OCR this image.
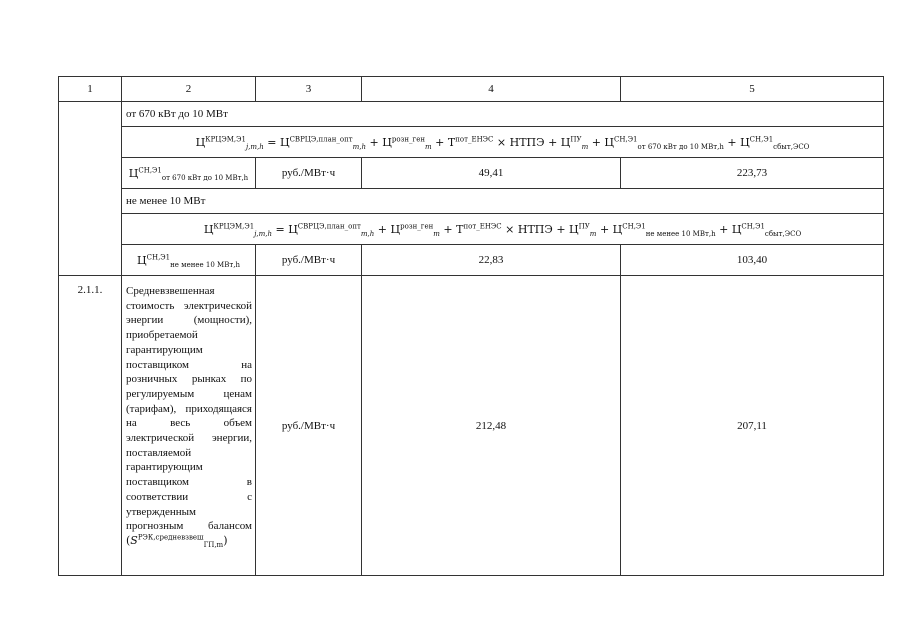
1	2	3	4	5
	от 670 кВт до 10 МВт			
	$Ц^{КРЦЭМ,Э1}_{j,m,h} = Ц^{СВРЦЭ,план\_опт}_{m,h} + Ц^{розн\_ген}_m + T^{пот\_ЕНЭС}$ × НТПЭ + $Ц^{ПУ}_m + Ц^{СН,Э1}_{от 670 кВт до 10 МВт,h} + Ц^{СН,Э1}_{сбыт,ЭСО}$
	$Ц^{СН,Э1}_{от 670 кВт до 10 МВт,h}$	руб./МВт·ч	49,41	223,73
	не менее 10 МВт			
	$Ц^{КРЦЭМ,Э1}_{j,m,h} = Ц^{СВРЦЭ,план\_опт}_{m,h} + Ц^{розн\_ген}_m + T^{пот\_ЕНЭС}$ × НТПЭ + $Ц^{ПУ}_m + Ц^{СН,Э1}_{не менее 10 МВт,h} + Ц^{СН,Э1}_{сбыт,ЭСО}$
	$Ц^{СН,Э1}_{не менее 10 МВт,h}$	руб./МВт·ч	22,83	103,40
2.1.1.	Средневзвешенная стоимость электрической энергии (мощности), приобретаемой гарантирующим поставщиком на розничных рынках по регулируемым ценам (тарифам), приходящаяся на весь объем электрической энергии, поставляемой гарантирующим поставщиком в соответствии с утвержденным прогнозным балансом $(S^{РЭК,средневзвеш}_{ГП,m})$	руб./МВт·ч	212,48	207,11
